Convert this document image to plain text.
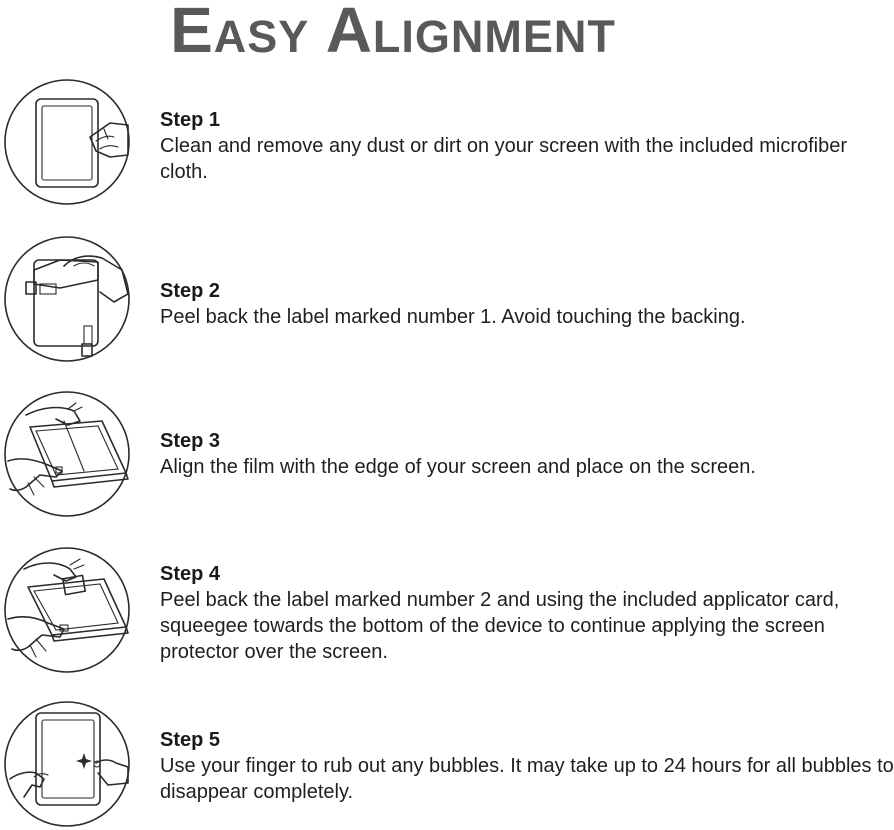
Easy Alignment
Step 1
Clean and remove any dust or dirt on your screen with the included microfiber cloth.
2
1
Step 2
Peel back the label marked number 1. Avoid touching the backing.
Step 3
Align the film with the edge of your screen and place on the screen.
Step 4
Peel back the label marked number 2 and using the included applicator card, squeegee towards the bottom of the device to continue applying the screen protector over the screen.
Step 5
Use your finger to rub out any bubbles. It may take up to 24 hours for all bubbles to disappear completely.
